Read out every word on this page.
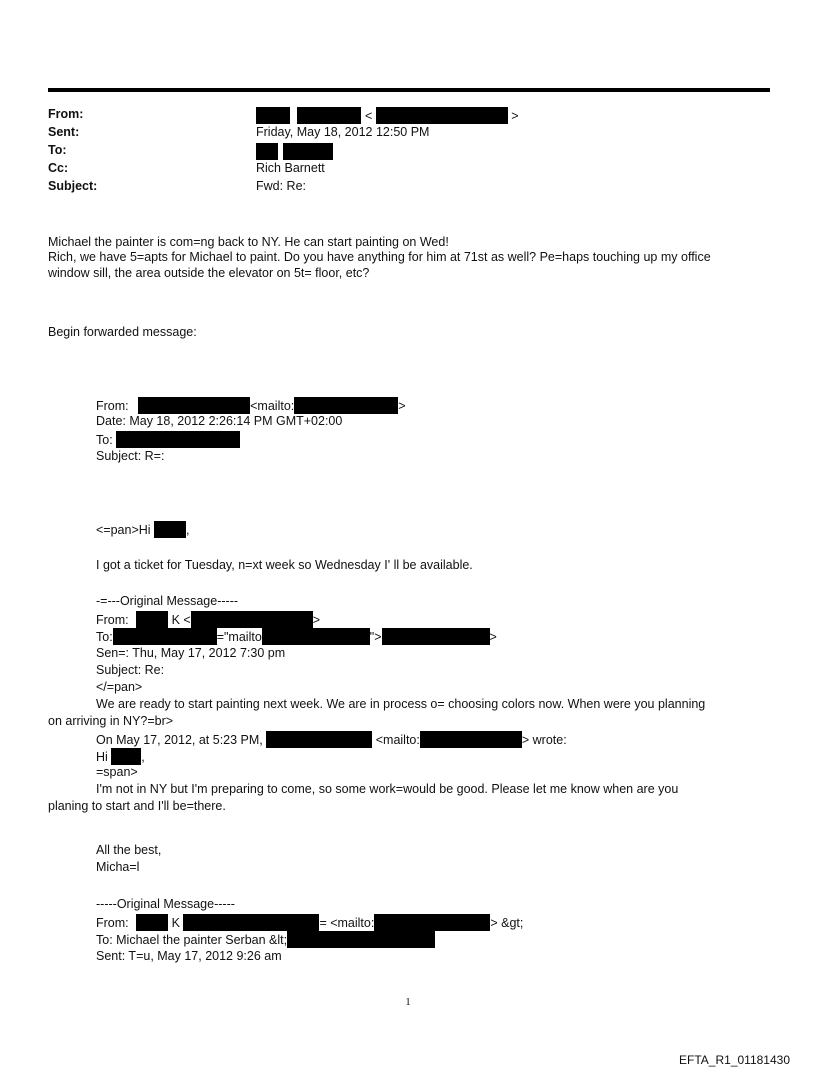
From:	<	>
Sent:	Friday, May 18, 2012 12:50 PM
To:

Cc:	Rich Barnett
Subject:	Fwd: Re:
Michael the painter is com=ng back to NY. He can start painting on Wed!
Rich, we have 5=apts for Michael to paint. Do you have anything for him at 71st as well? Pe=haps touching up my office
window sill, the area outside the elevator on 5t= floor, etc?
Begin forwarded message:
From:	<mailto:	>
Date: May 18, 2012 2:26:14 PM GMT+02:00
To:
Subject: R=:
<=pan>Hi	,
I got a ticket for Tuesday, n=xt week so Wednesday I' ll be available.
-=---Original Message-----
From:	K <	>
To:	="mailto	">	>
Sen=: Thu, May 17, 2012 7:30 pm
Subject: Re:
</=pan>
We are ready to start painting next week. We are in process o= choosing colors now. When were you planning
on arriving in NY?=br>
On May 17, 2012, at 5:23 PM,	<mailto:	> wrote:
Hi	,
=span>
I'm not in NY but I'm preparing to come, so some work=would be good. Please let me know when are you
planing to start and I'll be=there.
All the best,
Micha=l
-----Original Message-----
From:	K	= <mailto:	> &gt;
To: Michael the painter Serban &lt;
Sent: T=u, May 17, 2012 9:26 am
1
EFTA_R1_01181430
